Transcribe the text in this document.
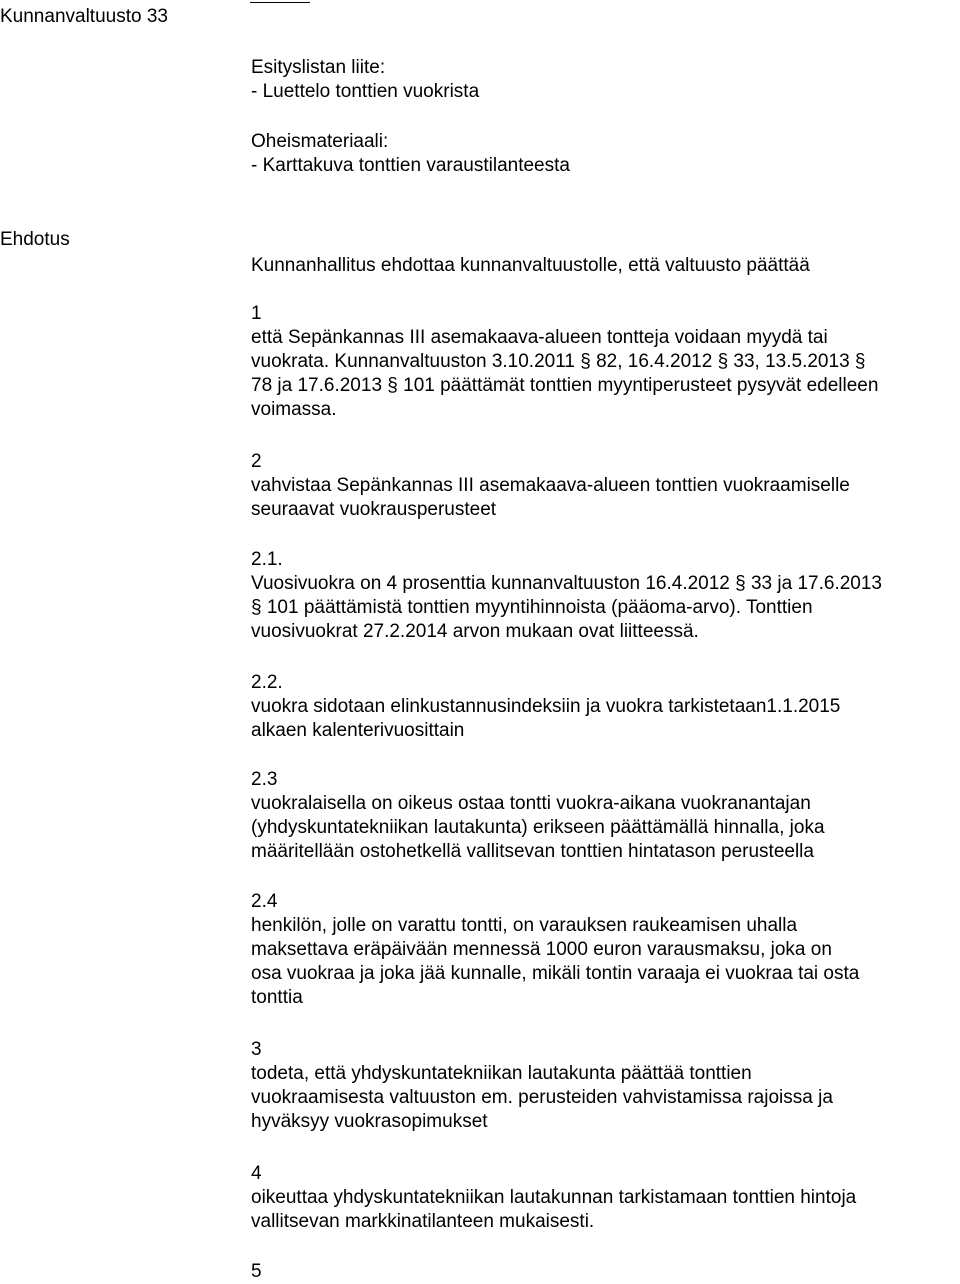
Kunnanvaltuusto 33
Esityslistan liite:
- Luettelo tonttien vuokrista
Oheismateriaali:
- Karttakuva tonttien varaustilanteesta
Ehdotus
Kunnanhallitus ehdottaa kunnanvaltuustolle, että valtuusto päättää
1
että Sepänkannas III asemakaava-alueen tontteja voidaan myydä tai
vuokrata. Kunnanvaltuuston 3.10.2011 § 82, 16.4.2012 § 33, 13.5.2013 §
78 ja 17.6.2013 § 101 päättämät tonttien myyntiperusteet pysyvät edelleen
voimassa.
2
vahvistaa Sepänkannas III asemakaava-alueen tonttien vuokraamiselle
seuraavat vuokrausperusteet
2.1.
Vuosivuokra on 4 prosenttia kunnanvaltuuston 16.4.2012 § 33 ja 17.6.2013
§ 101 päättämistä tonttien myyntihinnoista (pääoma-arvo). Tonttien
vuosivuokrat 27.2.2014 arvon mukaan ovat liitteessä.
2.2.
vuokra sidotaan elinkustannusindeksiin ja vuokra tarkistetaan1.1.2015
alkaen kalenterivuosittain
2.3
vuokralaisella on oikeus ostaa tontti vuokra-aikana vuokranantajan
(yhdyskuntatekniikan lautakunta) erikseen päättämällä hinnalla, joka
määritellään ostohetkellä vallitsevan tonttien hintatason perusteella
2.4
henkilön, jolle on varattu tontti, on varauksen raukeamisen uhalla
maksettava eräpäivään mennessä 1000 euron varausmaksu, joka on
osa vuokraa ja joka jää kunnalle, mikäli tontin varaaja ei vuokraa tai osta
tonttia
3
todeta, että yhdyskuntatekniikan lautakunta päättää tonttien
vuokraamisesta valtuuston em. perusteiden vahvistamissa rajoissa ja
hyväksyy vuokrasopimukset
4
oikeuttaa yhdyskuntatekniikan lautakunnan tarkistamaan tonttien hintoja
vallitsevan markkinatilanteen mukaisesti.
5
